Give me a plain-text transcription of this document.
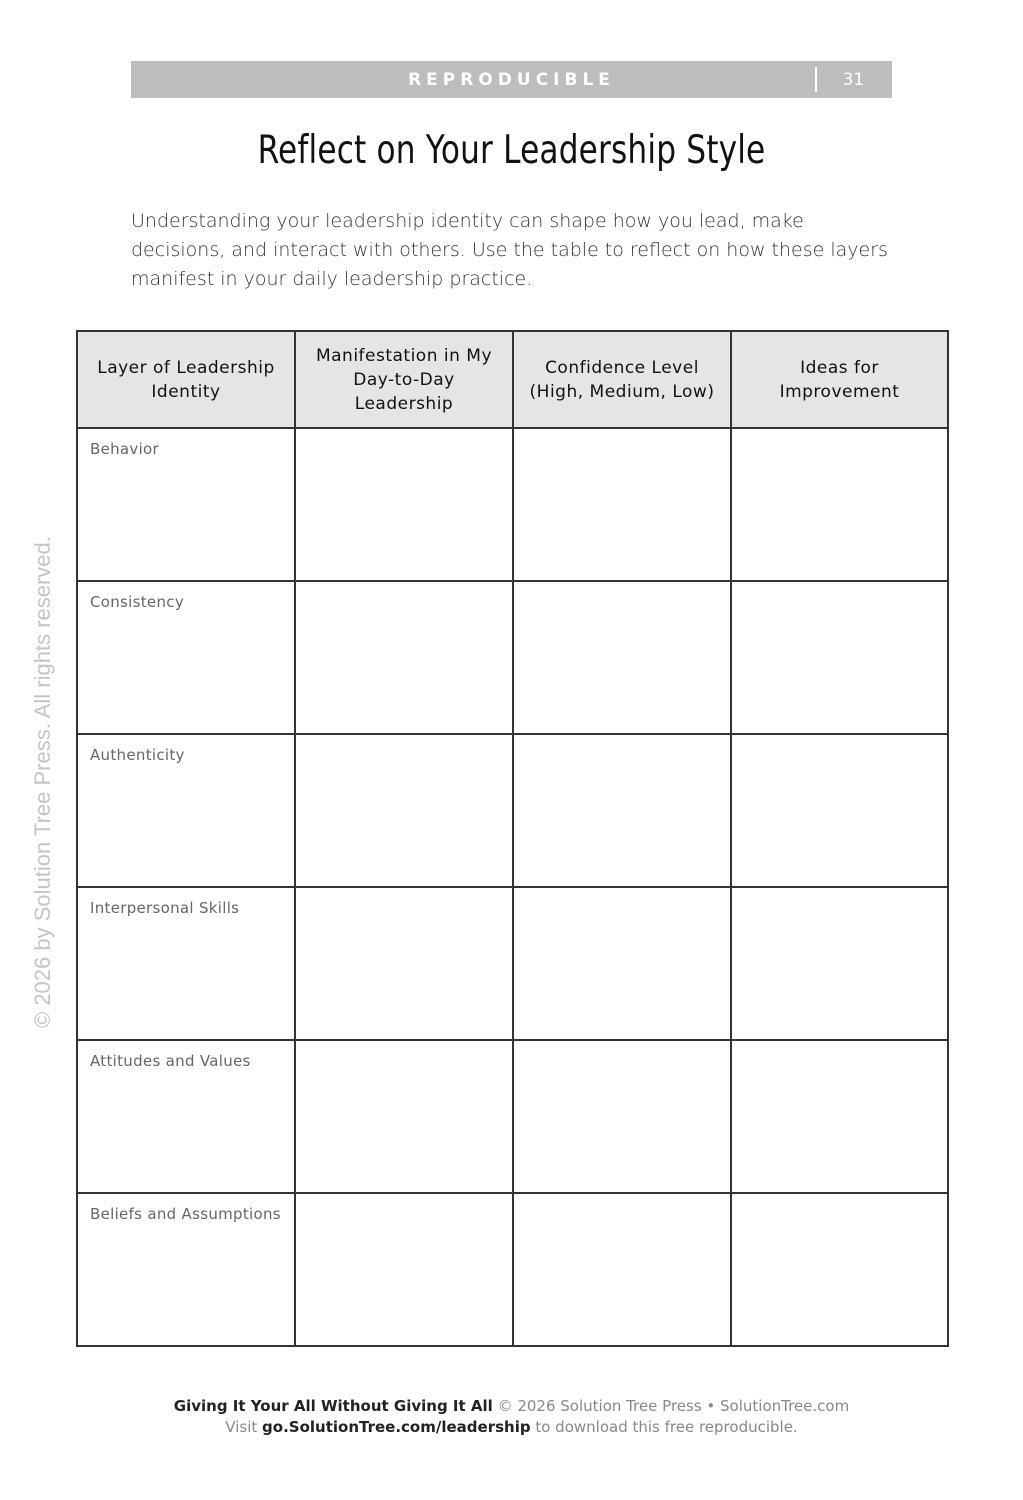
REPRODUCIBLE	31
Reflect on Your Leadership Style
Understanding your leadership identity can shape how you lead, make decisions, and interact with others. Use the table to reflect on how these layers manifest in your daily leadership practice.
Layer of Leadership Identity	Manifestation in My Day-to-Day Leadership	Confidence Level (High, Medium, Low)	Ideas for Improvement

Behavior			

Consistency			

Authenticity			

Interpersonal Skills			

Attitudes and Values			

Beliefs and Assumptions			

© 2026 by Solution Tree Press. All rights reserved.
Giving It Your All Without Giving It All © 2026 Solution Tree Press • SolutionTree.com
Visit go.SolutionTree.com/leadership to download this free reproducible.
